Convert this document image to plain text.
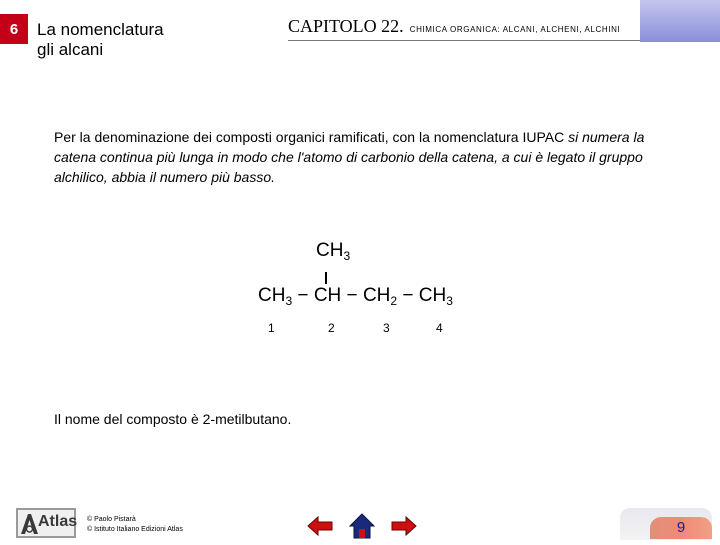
6	La nomenclatura
gli alcani
CAPITOLO 22. CHIMICA ORGANICA: ALCANI, ALCHENI, ALCHINI
Per la denominazione dei composti organici ramificati, con la nomenclatura IUPAC si numera la catena continua più lunga in modo che l'atomo di carbonio della catena, a cui è legato il gruppo alchilico, abbia il numero più basso.
$CH_3$
$CH_3$ − CH − $CH_2 - CH_3$
1	2	3	4
Il nome del composto è 2-metilbutano.
Atlas © Paolo Pistarà
© Istituto Italiano Edizioni Atlas	9
